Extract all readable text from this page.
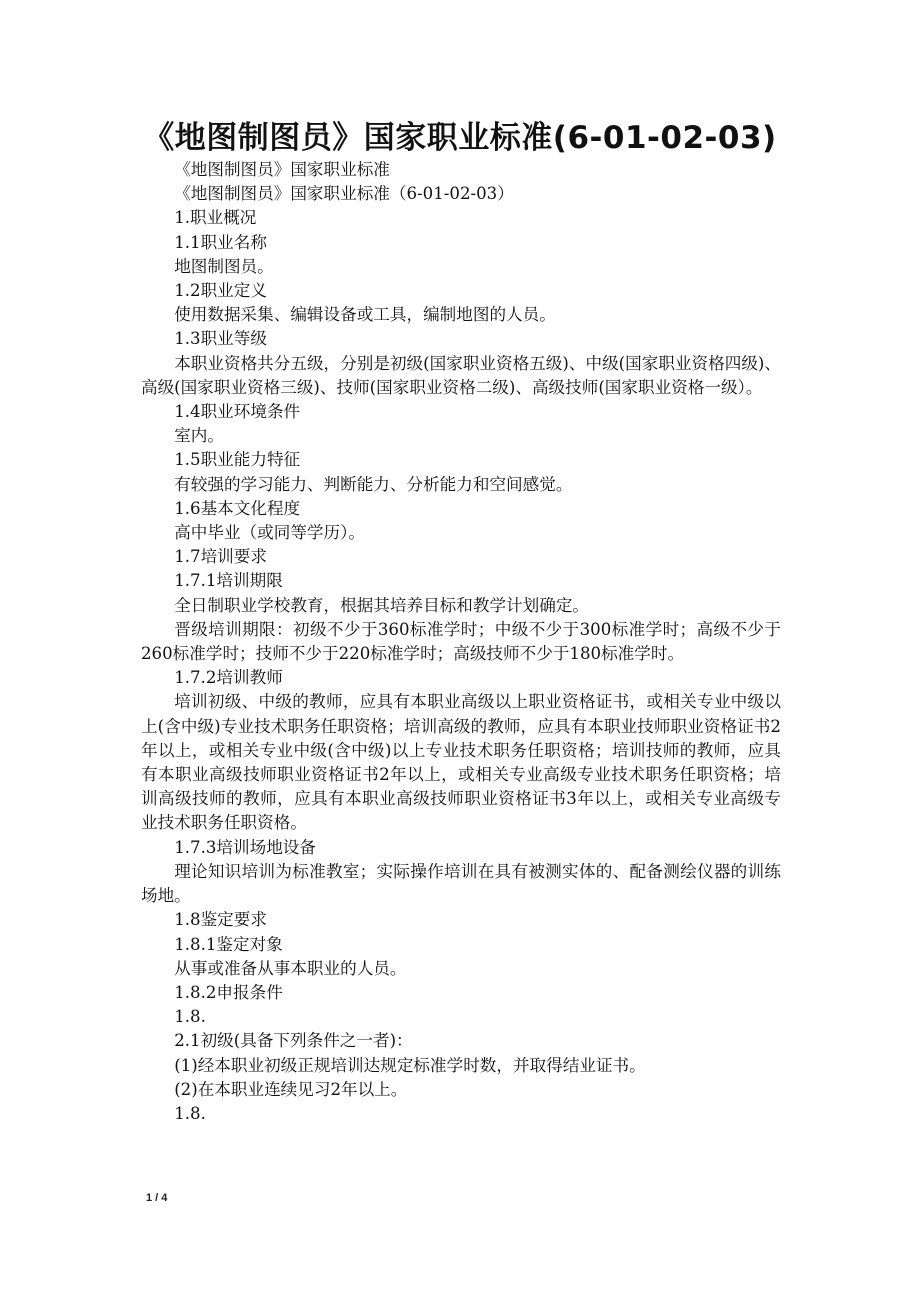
《地图制图员》国家职业标准(6-01-02-03)

《地图制图员》国家职业标准

《地图制图员》国家职业标准（6-01-02-03）

1.职业概况

1.1职业名称

地图制图员。

1.2职业定义

使用数据采集、编辑设备或工具，编制地图的人员。

1.3职业等级

本职业资格共分五级，分别是初级(国家职业资格五级)、中级(国家职业资格四级)、高级(国家职业资格三级)、技师(国家职业资格二级)、高级技师(国家职业资格一级）。

1.4职业环境条件

室内。

1.5职业能力特征

有较强的学习能力、判断能力、分析能力和空间感觉。

1.6基本文化程度

高中毕业（或同等学历）。

1.7培训要求

1.7.1培训期限

全日制职业学校教育，根据其培养目标和教学计划确定。

晋级培训期限：初级不少于360标准学时；中级不少于300标准学时；高级不少于260标准学时；技师不少于220标准学时；高级技师不少于180标准学时。

1.7.2培训教师

培训初级、中级的教师，应具有本职业高级以上职业资格证书，或相关专业中级以上(含中级)专业技术职务任职资格；培训高级的教师，应具有本职业技师职业资格证书2年以上，或相关专业中级(含中级)以上专业技术职务任职资格；培训技师的教师，应具有本职业高级技师职业资格证书2年以上，或相关专业高级专业技术职务任职资格；培训高级技师的教师，应具有本职业高级技师职业资格证书3年以上，或相关专业高级专业技术职务任职资格。

1.7.3培训场地设备

理论知识培训为标准教室；实际操作培训在具有被测实体的、配备测绘仪器的训练场地。

1.8鉴定要求

1.8.1鉴定对象

从事或准备从事本职业的人员。

1.8.2申报条件

1.8.

2.1初级(具备下列条件之一者)：

(1)经本职业初级正规培训达规定标准学时数，并取得结业证书。

(2)在本职业连续见习2年以上。

1.8.

1 / 4
